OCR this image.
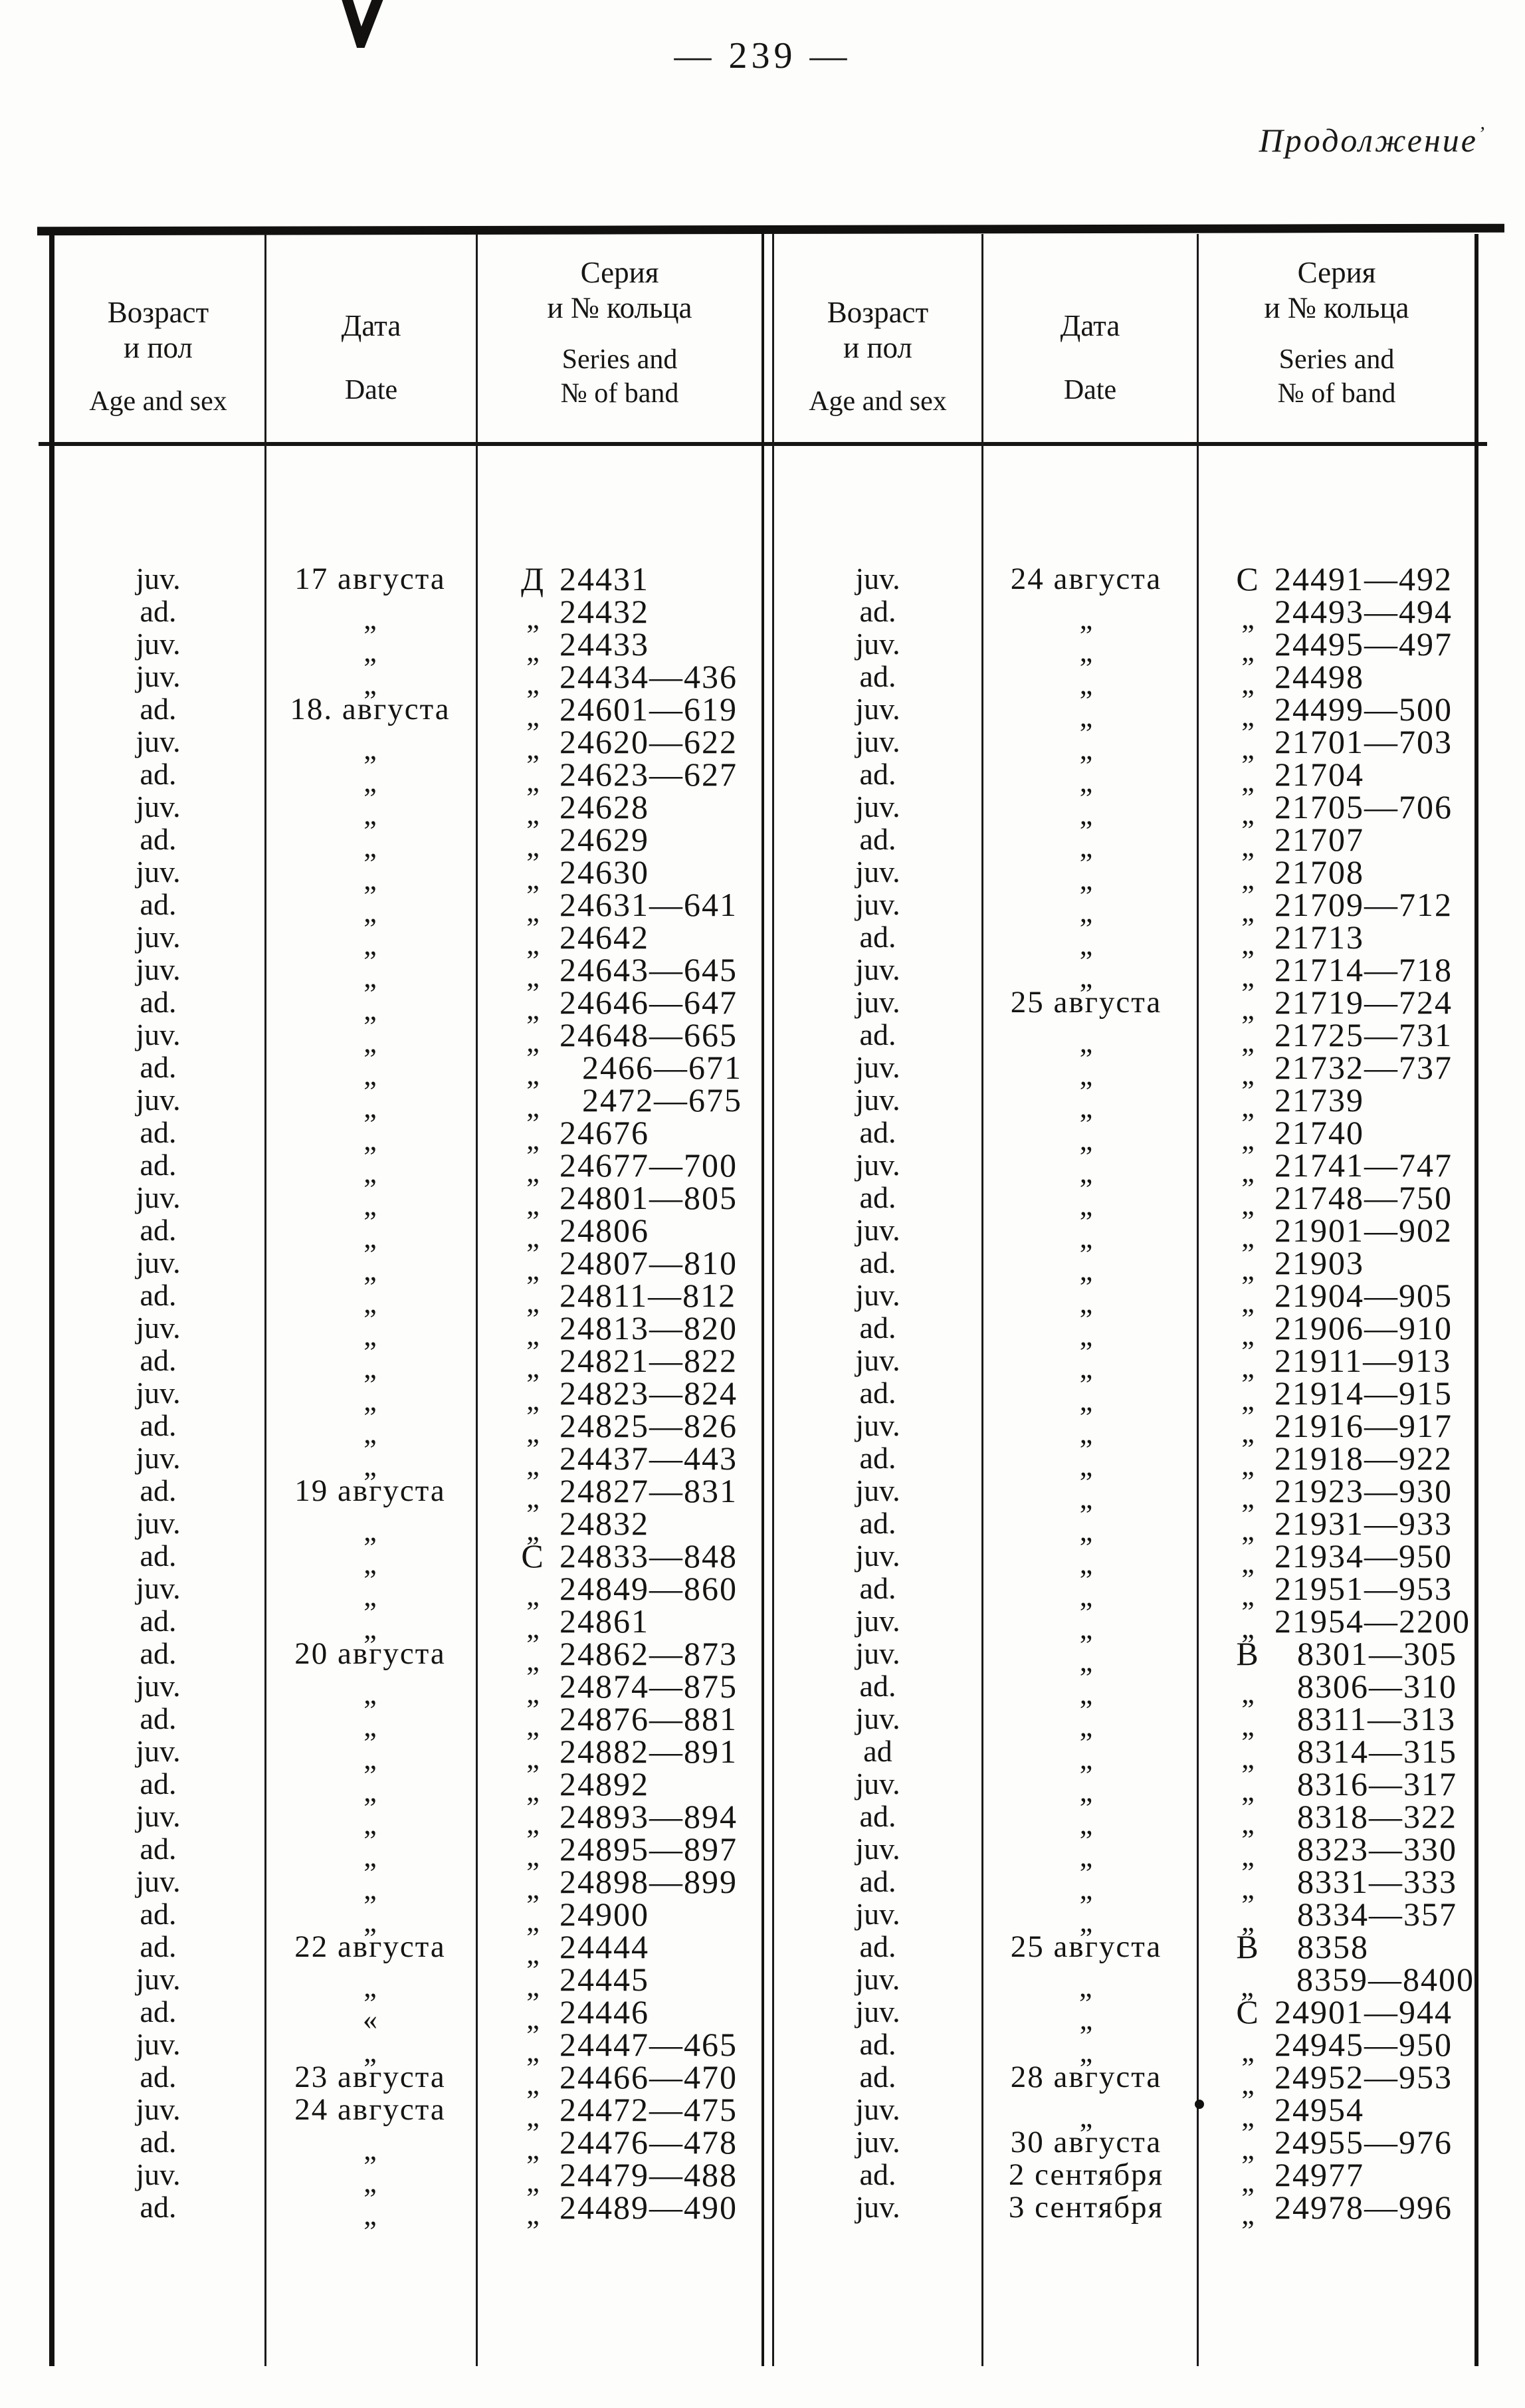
— 239 —
Продолжение’
Возраст
и пол
Age and sex
Дата
Date
Серия
и № кольца
Series and
№ of band
Возраст
и пол
Age and sex
Дата
Date
Серия
и № кольца
Series and
№ of band
juv.	17 августа	Д 24431
ad.	„	„ 24432
juv.	„	„ 24433
juv.	„	„ 24434—436
ad.	18. августа	„ 24601—619
juv.	„	„ 24620—622
ad.	„	„ 24623—627
juv.	„	„ 24628
ad.	„	„ 24629
juv.	„	„ 24630
ad.	„	„ 24631—641
juv.	„	„ 24642
juv.	„	„ 24643—645
ad.	„	„ 24646—647
juv.	„	„ 24648—665
ad.	„	„	2466—671
juv.	„	„	2472—675
ad.	„	„ 24676
ad.	„	„ 24677—700
juv.	„	„ 24801—805
ad.	„	„ 24806
juv.	„	„ 24807—810
ad.	„	„ 24811—812
juv.	„	„ 24813—820
ad.	„	„ 24821—822
juv.	„	„ 24823—824
ad.	„	„ 24825—826
juv.	„	„ 24437—443
ad.	19 августа	„ 24827—831
juv.	„	„ 24832
ad.	„	С 24833—848
juv.	„	„ 24849—860
ad.	„	„ 24861
ad.	20 августа	„ 24862—873
juv.	„	„ 24874—875
ad.	„	„ 24876—881
juv.	„	„ 24882—891
ad.	„	„ 24892
juv.	„	„ 24893—894
ad.	„	„ 24895—897
juv.	„	„ 24898—899
ad.	„	„ 24900
ad.	22 августа	„ 24444
juv.	„	„ 24445
ad.	«	„ 24446
juv.	„	„ 24447—465
ad.	23 августа	„ 24466—470
juv.	24 августа	„ 24472—475
ad.	„	„ 24476—478
juv.	„	„ 24479—488
ad.	„	„ 24489—490
juv.	24 августа	С 24491—492
ad.	„	„ 24493—494
juv.	„	„ 24495—497
ad.	„	„ 24498
juv.	„	„ 24499—500
juv.	„	„ 21701—703
ad.	„	„ 21704
juv.	„	„ 21705—706
ad.	„	„ 21707
juv.	„	„ 21708
juv.	„	„ 21709—712
ad.	„	„ 21713
juv.	„	„ 21714—718
juv.	25 августа	„ 21719—724
ad.	„	„ 21725—731
juv.	„	„ 21732—737
juv.	„	„ 21739
ad.	„	„ 21740
juv.	„	„ 21741—747
ad.	„	„ 21748—750
juv.	„	„ 21901—902
ad.	„	„ 21903
juv.	„	„ 21904—905
ad.	„	„ 21906—910
juv.	„	„ 21911—913
ad.	„	„ 21914—915
juv.	„	„ 21916—917
ad.	„	„ 21918—922
juv.	„	„ 21923—930
ad.	„	„ 21931—933
juv.	„	„ 21934—950
ad.	„	„ 21951—953
juv.	„	„ 21954—2200
juv.	„	В	8301—305
ad.	„	„	8306—310
juv.	„	„	8311—313
ad	„	„	8314—315
juv.	„	„	8316—317
ad.	„	„	8318—322
juv.	„	„	8323—330
ad.	„	„	8331—333
juv.	„	„	8334—357
ad.	25 августа	В	8358
juv.	„	„	8359—8400
juv.	„	С 24901—944
ad.	„	„ 24945—950
ad.	28 августа	„ 24952—953
juv.	„	„ 24954
juv.	30 августа	„ 24955—976
ad.	2 сентября	„ 24977
juv.	3 сентября	„ 24978—996
